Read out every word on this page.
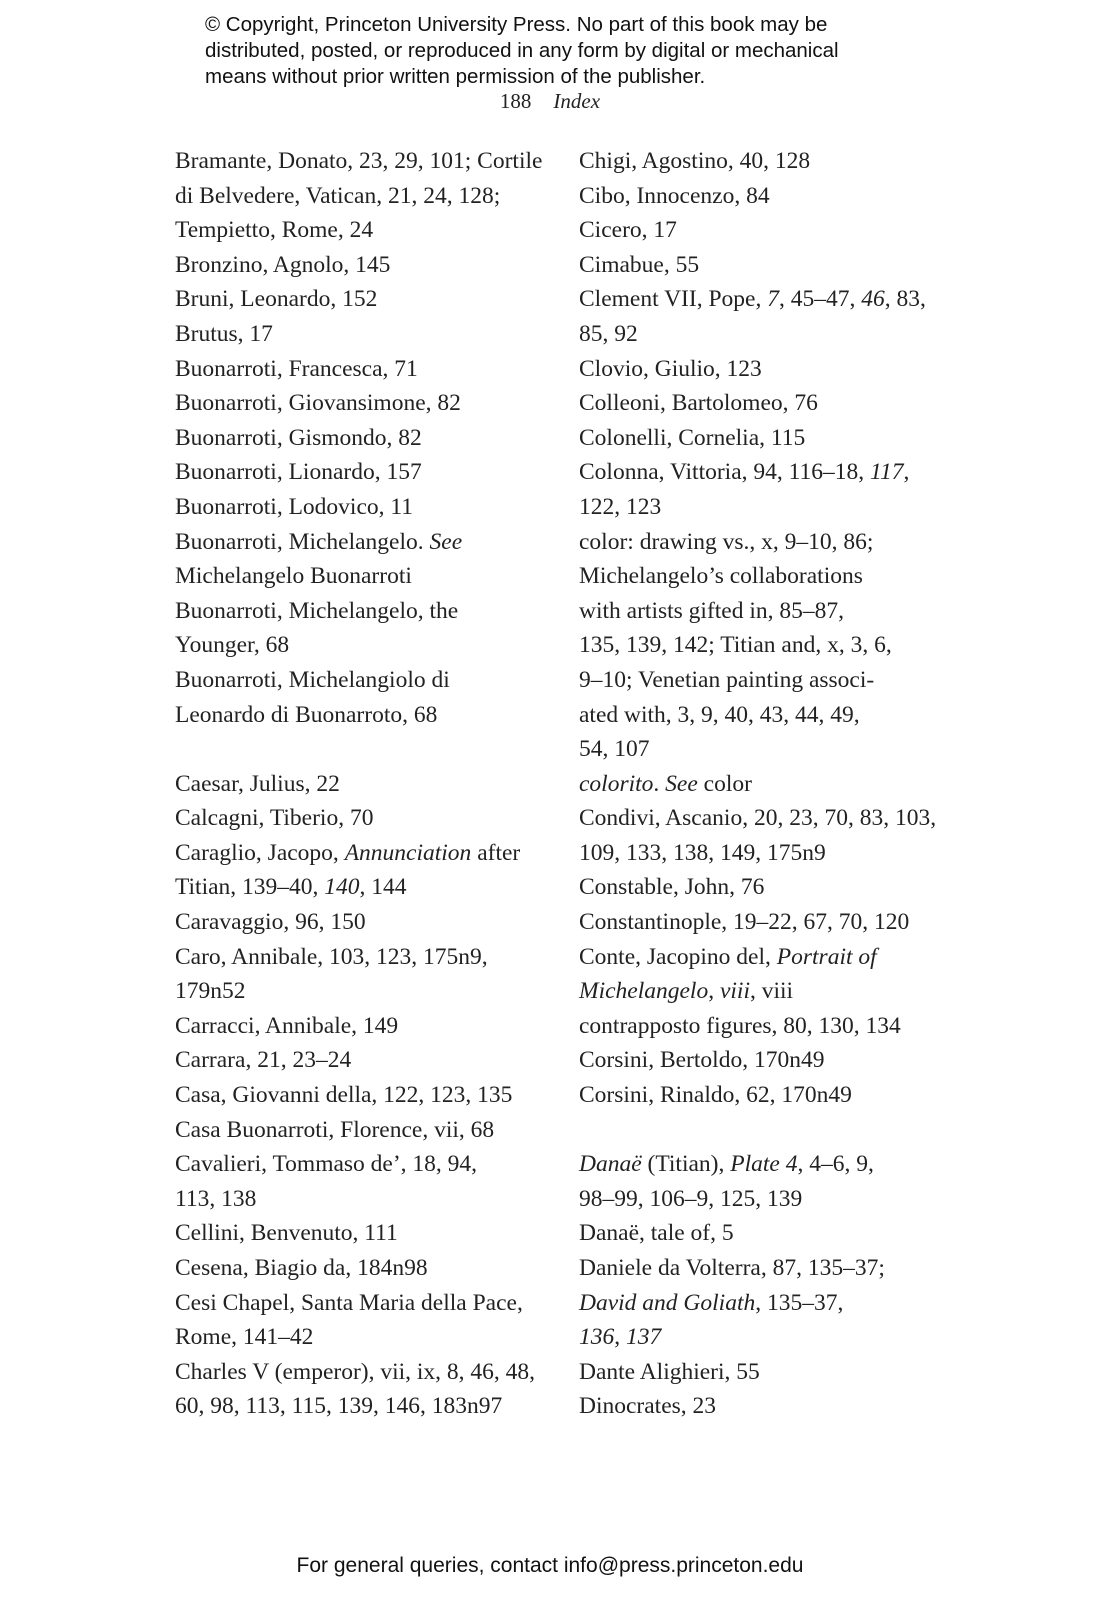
© Copyright, Princeton University Press. No part of this book may be
distributed, posted, or reproduced in any form by digital or mechanical
means without prior written permission of the publisher.
188 Index
Bramante, Donato, 23, 29, 101; Cortile
di Belvedere, Vatican, 21, 24, 128;
Tempietto, Rome, 24
Bronzino, Agnolo, 145
Bruni, Leonardo, 152
Brutus, 17
Buonarroti, Francesca, 71
Buonarroti, Giovansimone, 82
Buonarroti, Gismondo, 82
Buonarroti, Lionardo, 157
Buonarroti, Lodovico, 11
Buonarroti, Michelangelo. See
Michelangelo Buonarroti
Buonarroti, Michelangelo, the
Younger, 68
Buonarroti, Michelangiolo di
Leonardo di Buonarroto, 68
Caesar, Julius, 22
Calcagni, Tiberio, 70
Caraglio, Jacopo, Annunciation after
Titian, 139–40, 140, 144
Caravaggio, 96, 150
Caro, Annibale, 103, 123, 175n9,
179n52
Carracci, Annibale, 149
Carrara, 21, 23–24
Casa, Giovanni della, 122, 123, 135
Casa Buonarroti, Florence, vii, 68
Cavalieri, Tommaso de’, 18, 94,
113, 138
Cellini, Benvenuto, 111
Cesena, Biagio da, 184n98
Cesi Chapel, Santa Maria della Pace,
Rome, 141–42
Charles V (emperor), vii, ix, 8, 46, 48,
60, 98, 113, 115, 139, 146, 183n97
Chigi, Agostino, 40, 128
Cibo, Innocenzo, 84
Cicero, 17
Cimabue, 55
Clement VII, Pope, 7, 45–47, 46, 83,
85, 92
Clovio, Giulio, 123
Colleoni, Bartolomeo, 76
Colonelli, Cornelia, 115
Colonna, Vittoria, 94, 116–18, 117,
122, 123
color: drawing vs., x, 9–10, 86;
Michelangelo’s collaborations
with artists gifted in, 85–87,
135, 139, 142; Titian and, x, 3, 6,
9–10; Venetian painting associ-
ated with, 3, 9, 40, 43, 44, 49,
54, 107
colorito. See color
Condivi, Ascanio, 20, 23, 70, 83, 103,
109, 133, 138, 149, 175n9
Constable, John, 76
Constantinople, 19–22, 67, 70, 120
Conte, Jacopino del, Portrait of
Michelangelo, viii, viii
contrapposto figures, 80, 130, 134
Corsini, Bertoldo, 170n49
Corsini, Rinaldo, 62, 170n49
Danaë (Titian), Plate 4, 4–6, 9,
98–99, 106–9, 125, 139
Danaë, tale of, 5
Daniele da Volterra, 87, 135–37;
David and Goliath, 135–37,
136, 137
Dante Alighieri, 55
Dinocrates, 23
For general queries, contact info@press.princeton.edu
